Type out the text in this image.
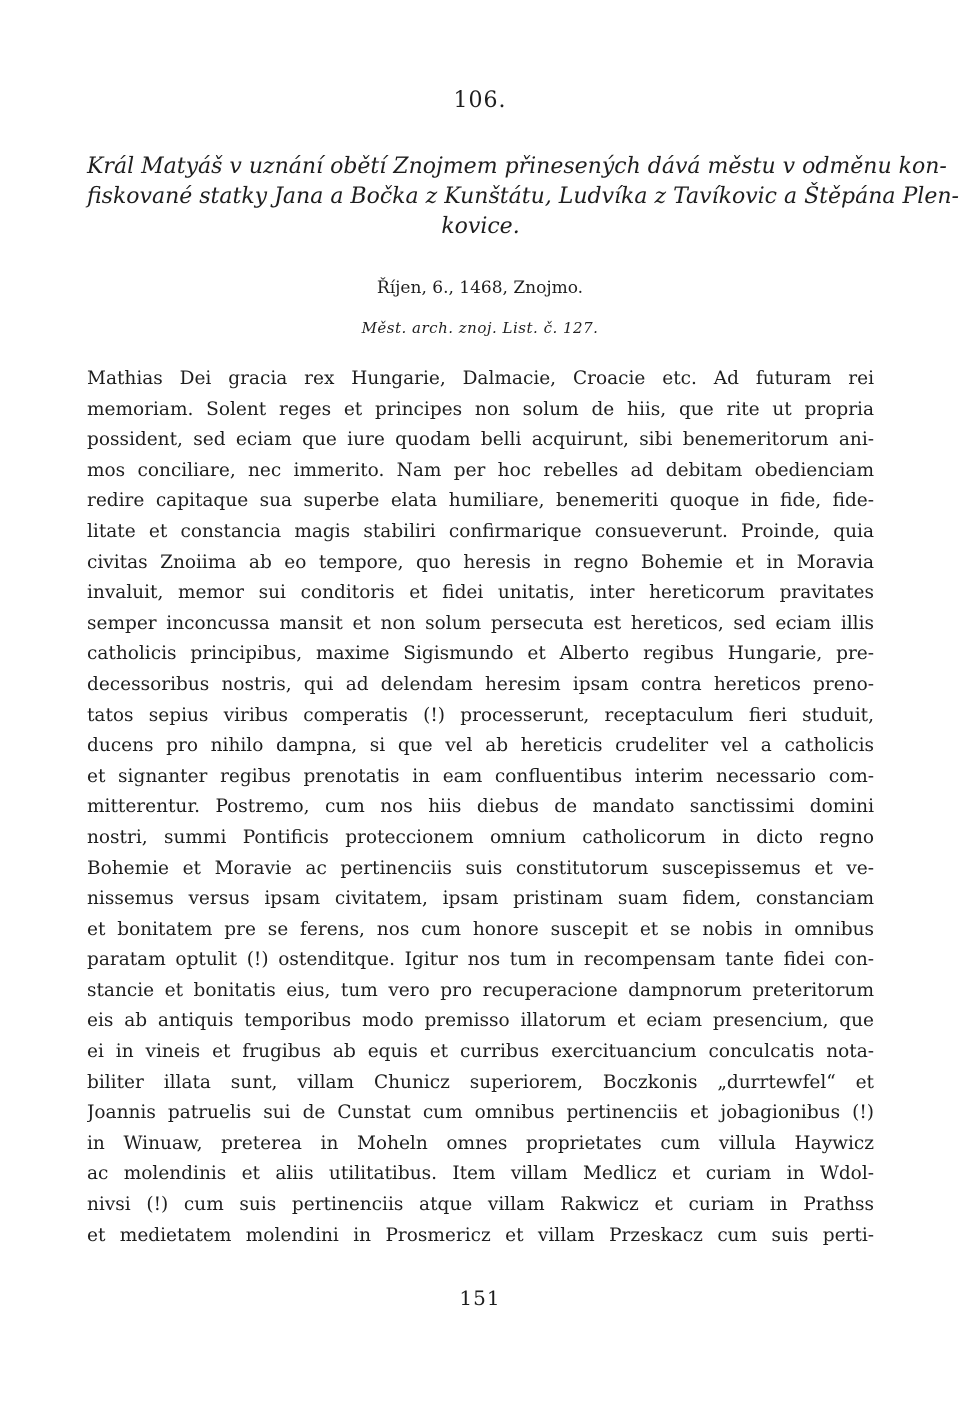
106.
Král Matyáš v uznání obětí Znojmem přinesených dává městu v odměnu kon-
fiskované statky Jana a Bočka z Kunštátu, Ludvíka z Tavíkovic a Štěpána Plen-
kovice.
Říjen, 6., 1468, Znojmo.
Měst. arch. znoj. List. č. 127.
Mathias Dei gracia rex Hungarie, Dalmacie, Croacie etc. Ad futuram rei
memoriam. Solent reges et principes non solum de hiis, que rite ut propria
possident, sed eciam que iure quodam belli acquirunt, sibi benemeritorum ani-
mos conciliare, nec immerito. Nam per hoc rebelles ad debitam obedienciam
redire capitaque sua superbe elata humiliare, benemeriti quoque in fide, fide-
litate et constancia magis stabiliri confirmarique consueverunt. Proinde, quia
civitas Znoiima ab eo tempore, quo heresis in regno Bohemie et in Moravia
invaluit, memor sui conditoris et fidei unitatis, inter hereticorum pravitates
semper inconcussa mansit et non solum persecuta est hereticos, sed eciam illis
catholicis principibus, maxime Sigismundo et Alberto regibus Hungarie, pre-
decessoribus nostris, qui ad delendam heresim ipsam contra hereticos preno-
tatos sepius viribus comperatis (!) processerunt, receptaculum fieri studuit,
ducens pro nihilo dampna, si que vel ab hereticis crudeliter vel a catholicis
et signanter regibus prenotatis in eam confluentibus interim necessario com-
mitterentur. Postremo, cum nos hiis diebus de mandato sanctissimi domini
nostri, summi Pontificis proteccionem omnium catholicorum in dicto regno
Bohemie et Moravie ac pertinenciis suis constitutorum suscepissemus et ve-
nissemus versus ipsam civitatem, ipsam pristinam suam fidem, constanciam
et bonitatem pre se ferens, nos cum honore suscepit et se nobis in omnibus
paratam optulit (!) ostenditque. Igitur nos tum in recompensam tante fidei con-
stancie et bonitatis eius, tum vero pro recuperacione dampnorum preteritorum
eis ab antiquis temporibus modo premisso illatorum et eciam presencium, que
ei in vineis et frugibus ab equis et curribus exercituancium conculcatis nota-
biliter illata sunt, villam Chunicz superiorem, Boczkonis „durrtewfel“ et
Joannis patruelis sui de Cunstat cum omnibus pertinenciis et jobagionibus (!)
in Winuaw, preterea in Moheln omnes proprietates cum villula Haywicz
ac molendinis et aliis utilitatibus. Item villam Medlicz et curiam in Wdol-
nivsi (!) cum suis pertinenciis atque villam Rakwicz et curiam in Prathss
et medietatem molendini in Prosmericz et villam Przeskacz cum suis perti-
151
